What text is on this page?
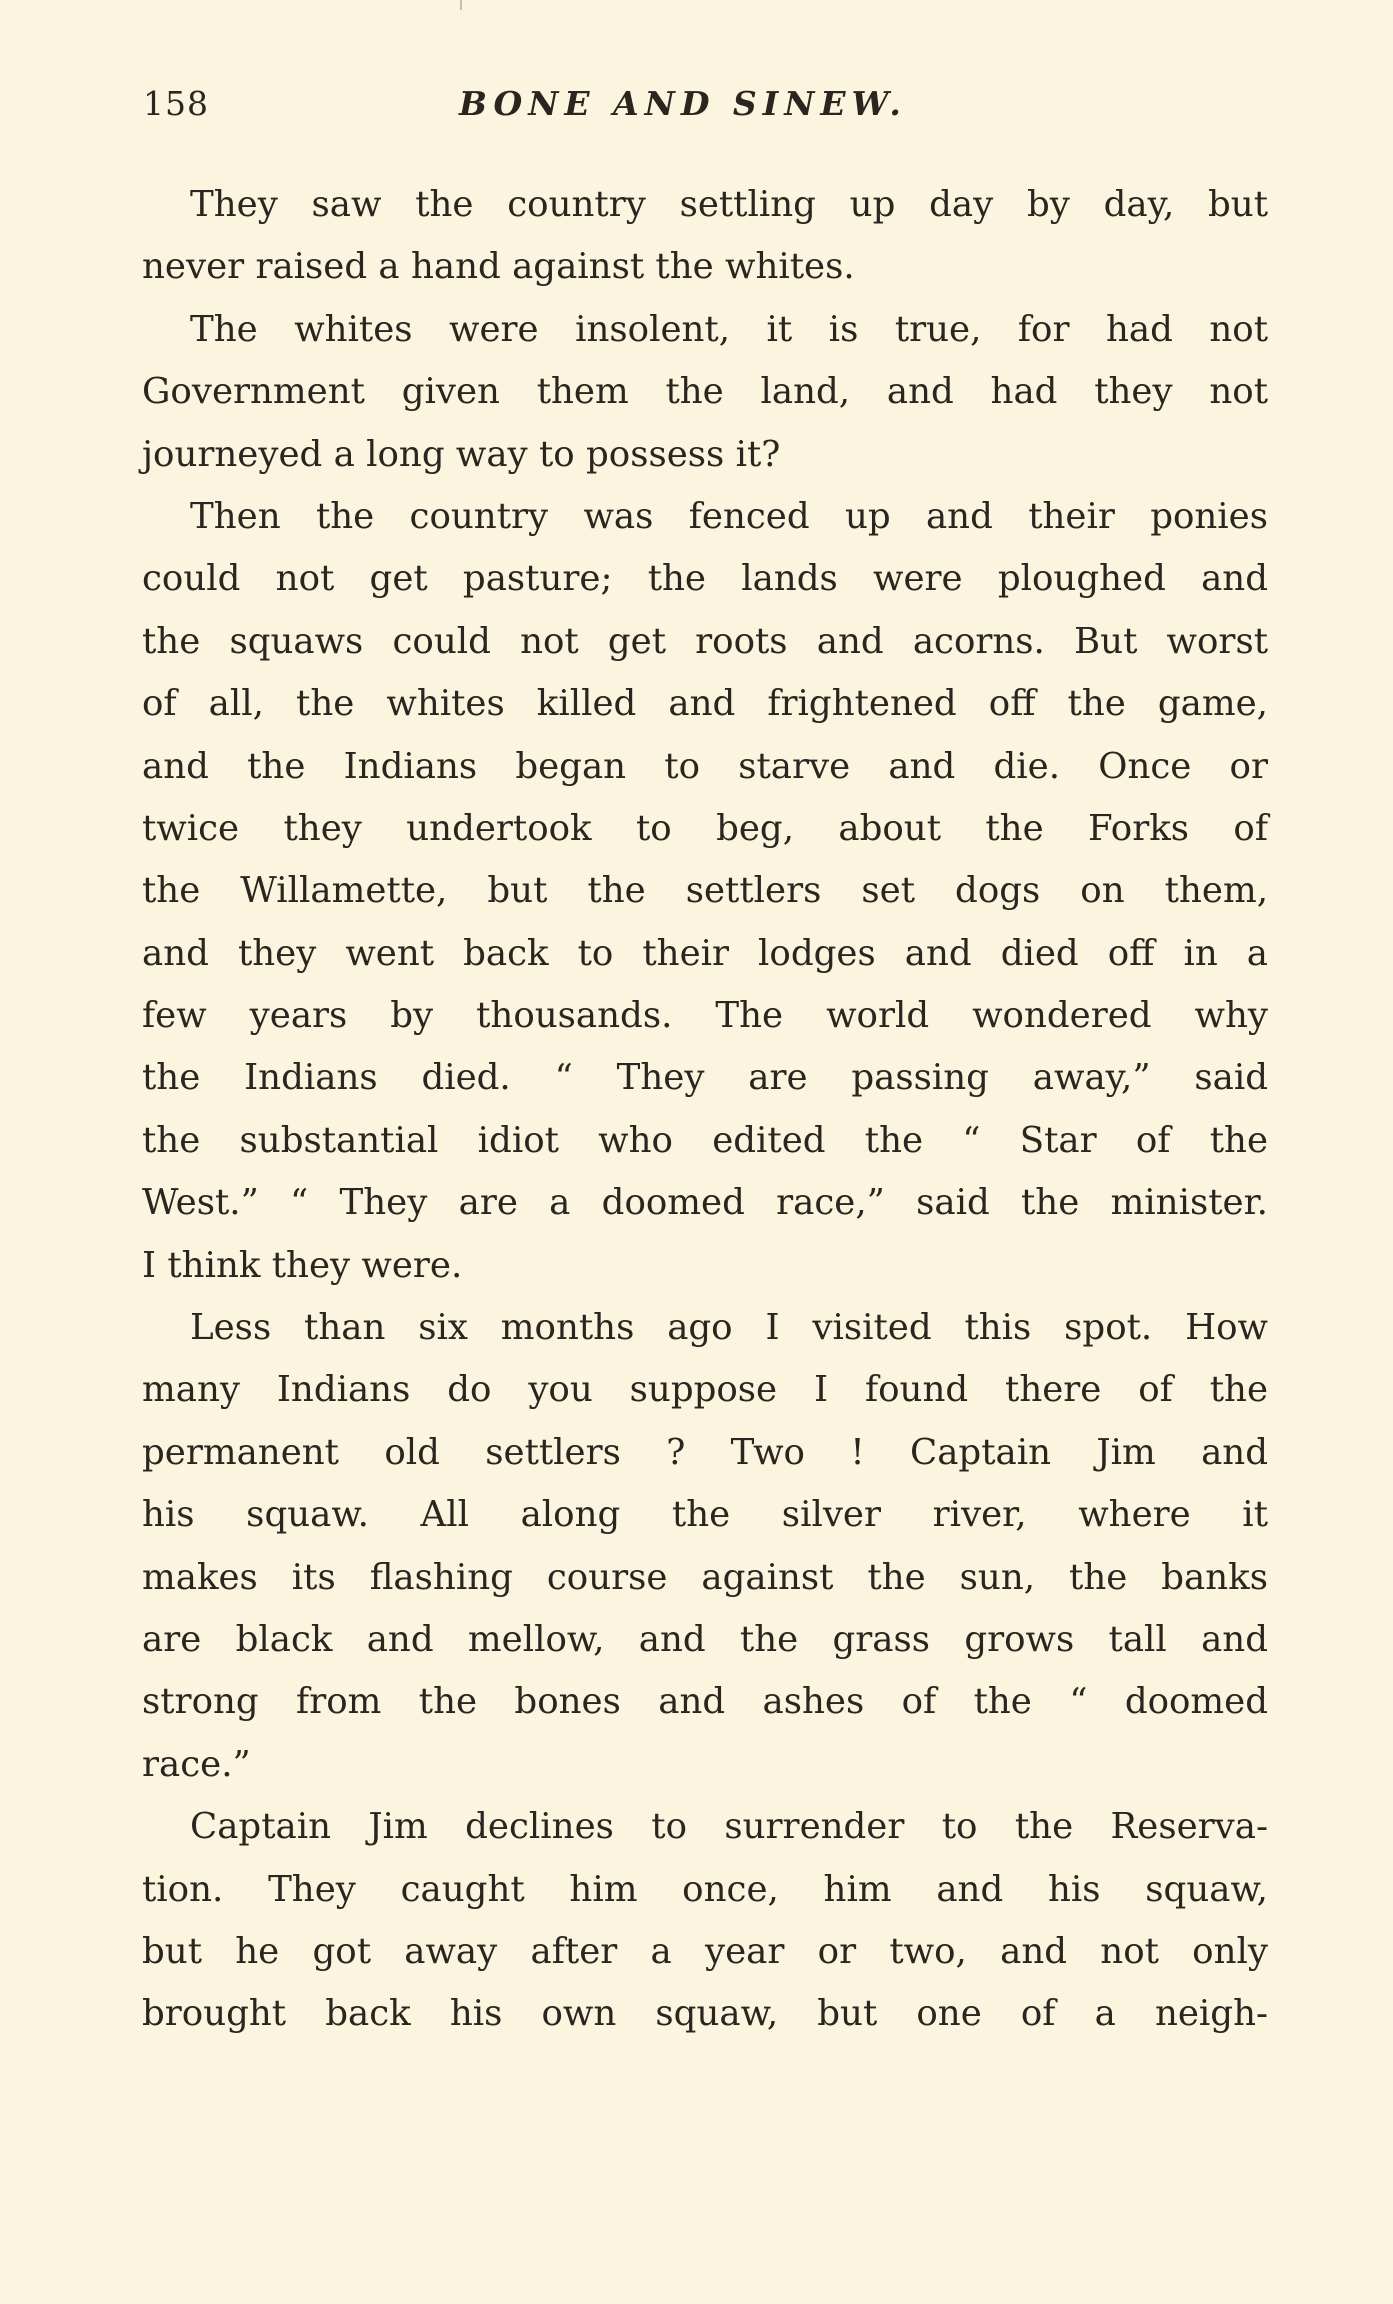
158	BONE AND SINEW.
They saw the country settling up day by day, but
never raised a hand against the whites.
The whites were insolent, it is true, for had not
Government given them the land, and had they not
journeyed a long way to possess it?
Then the country was fenced up and their ponies
could not get pasture; the lands were ploughed and
the squaws could not get roots and acorns. But worst
of all, the whites killed and frightened off the game,
and the Indians began to starve and die. Once or
twice they undertook to beg, about the Forks of
the Willamette, but the settlers set dogs on them,
and they went back to their lodges and died off in a
few years by thousands. The world wondered why
the Indians died. “ They are passing away,” said
the substantial idiot who edited the “ Star of the
West.” “ They are a doomed race,” said the minister.
I think they were.
Less than six months ago I visited this spot. How
many Indians do you suppose I found there of the
permanent old settlers ? Two ! Captain Jim and
his squaw. All along the silver river, where it
makes its flashing course against the sun, the banks
are black and mellow, and the grass grows tall and
strong from the bones and ashes of the “ doomed
race.”
Captain Jim declines to surrender to the Reserva-
tion. They caught him once, him and his squaw,
but he got away after a year or two, and not only
brought back his own squaw, but one of a neigh-
